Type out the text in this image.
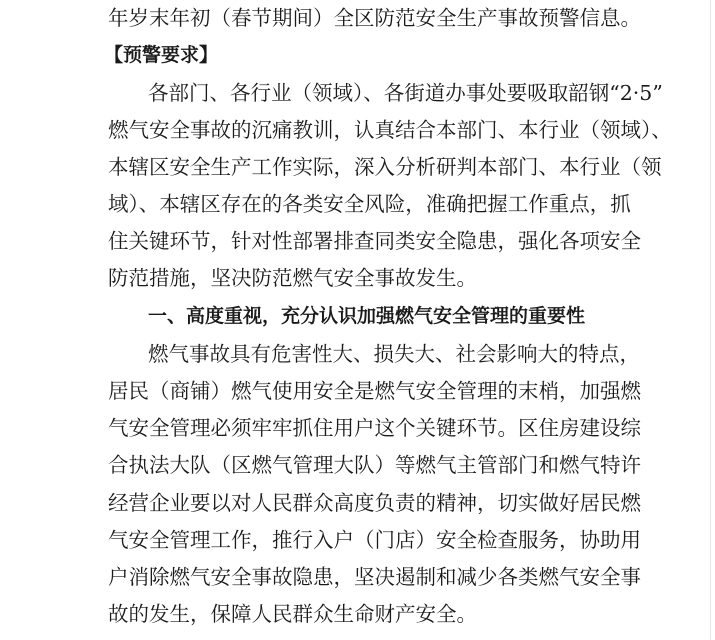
年岁末年初（春节期间）全区防范安全生产事故预警信息。
【预警要求】
各部门、各行业（领域）、各街道办事处要吸取韶钢“2·5”
燃气安全事故的沉痛教训，认真结合本部门、本行业（领域）、
本辖区安全生产工作实际，深入分析研判本部门、本行业（领
域）、本辖区存在的各类安全风险，准确把握工作重点，抓
住关键环节，针对性部署排查同类安全隐患，强化各项安全
防范措施，坚决防范燃气安全事故发生。
一、高度重视，充分认识加强燃气安全管理的重要性
燃气事故具有危害性大、损失大、社会影响大的特点，
居民（商铺）燃气使用安全是燃气安全管理的末梢，加强燃
气安全管理必须牢牢抓住用户这个关键环节。区住房建设综
合执法大队（区燃气管理大队）等燃气主管部门和燃气特许
经营企业要以对人民群众高度负责的精神，切实做好居民燃
气安全管理工作，推行入户（门店）安全检查服务，协助用
户消除燃气安全事故隐患，坚决遏制和减少各类燃气安全事
故的发生，保障人民群众生命财产安全。
